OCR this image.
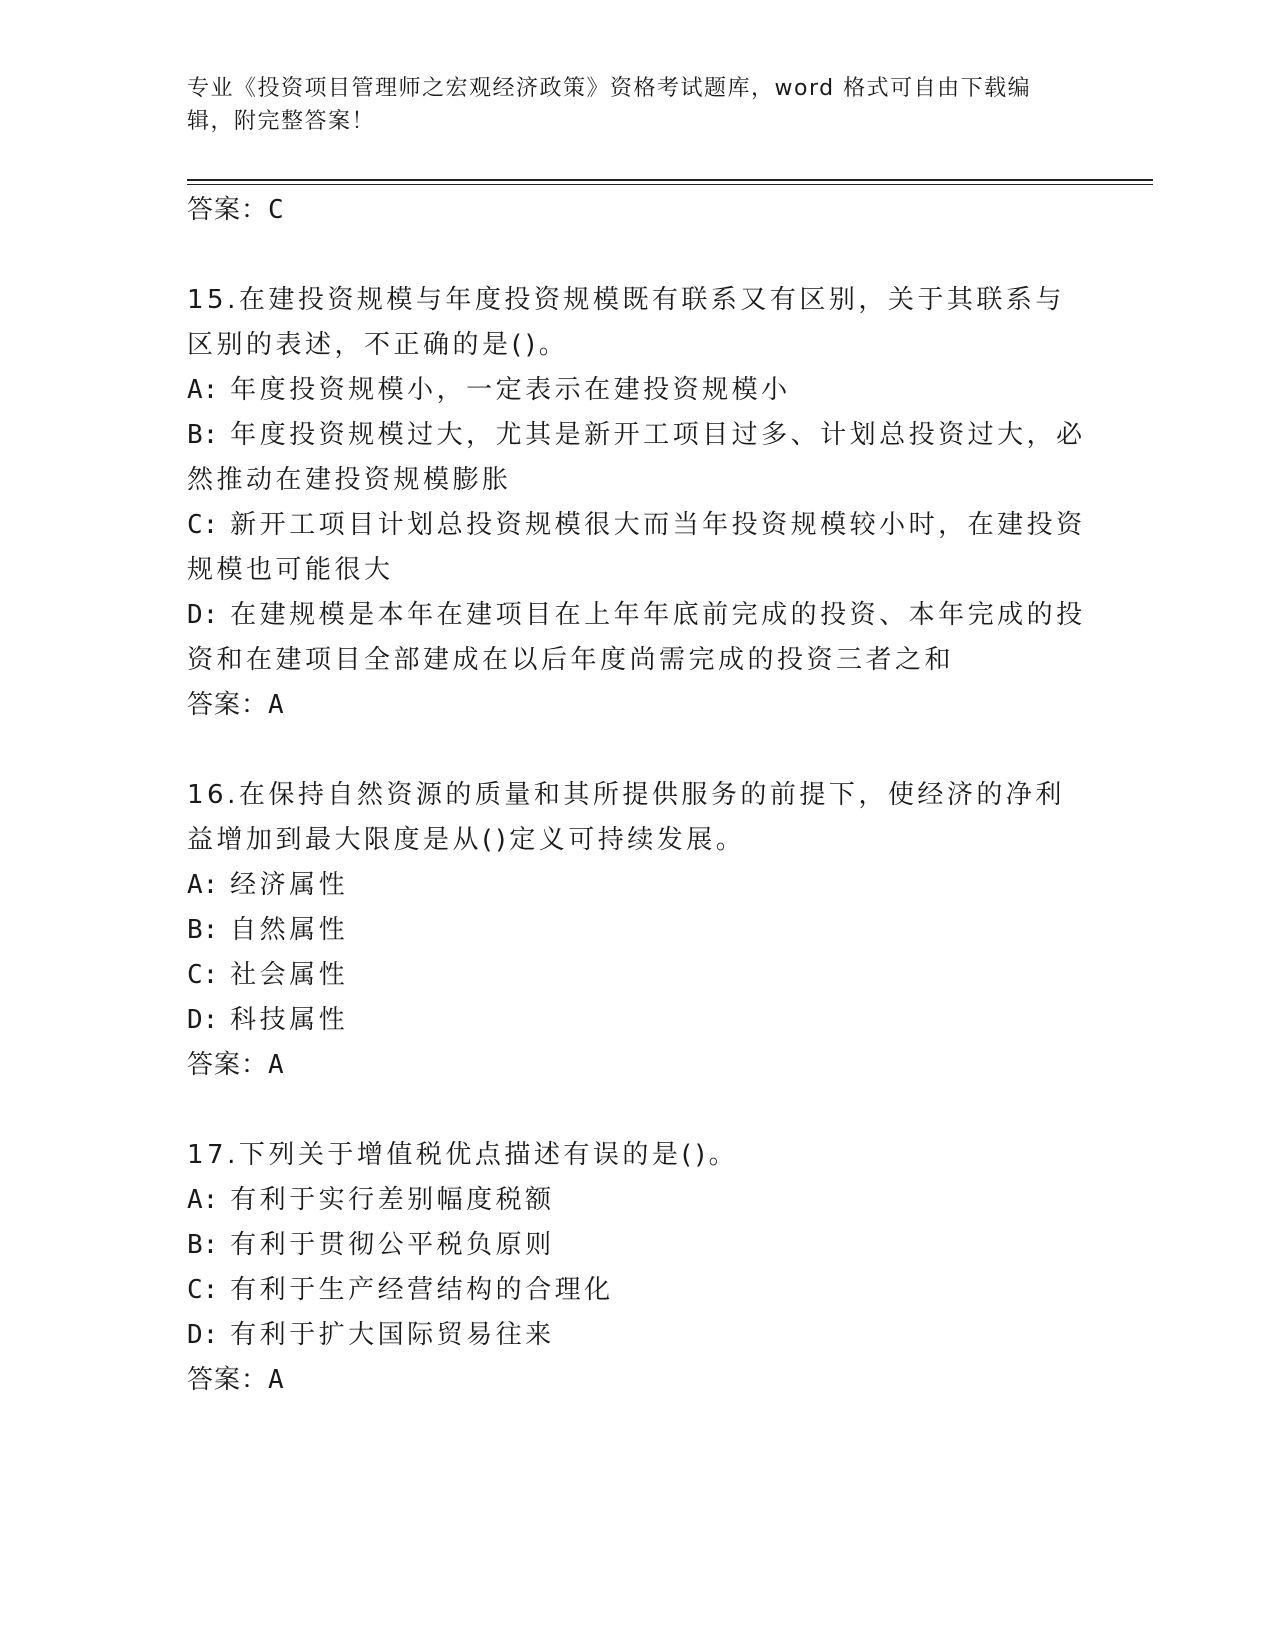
专业《投资项目管理师之宏观经济政策》资格考试题库，word 格式可自由下载编辑，附完整答案！
答案：C

15.在建投资规模与年度投资规模既有联系又有区别，关于其联系与区别的表述，不正确的是()。

A: 年度投资规模小，一定表示在建投资规模小

B: 年度投资规模过大，尤其是新开工项目过多、计划总投资过大，必然推动在建投资规模膨胀

C: 新开工项目计划总投资规模很大而当年投资规模较小时，在建投资规模也可能很大

D: 在建规模是本年在建项目在上年年底前完成的投资、本年完成的投资和在建项目全部建成在以后年度尚需完成的投资三者之和

答案：A

16.在保持自然资源的质量和其所提供服务的前提下，使经济的净利益增加到最大限度是从()定义可持续发展。

A: 经济属性

B: 自然属性

C: 社会属性

D: 科技属性

答案：A

17.下列关于增值税优点描述有误的是()。

A: 有利于实行差别幅度税额

B: 有利于贯彻公平税负原则

C: 有利于生产经营结构的合理化

D: 有利于扩大国际贸易往来

答案：A
